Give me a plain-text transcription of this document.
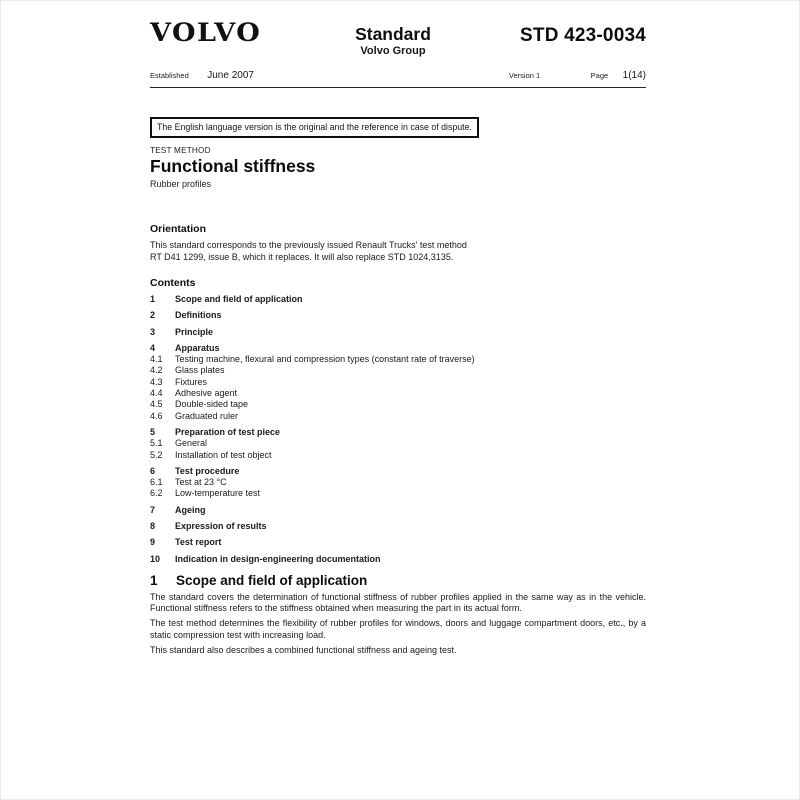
VOLVO	Standard
Volvo Group
STD 423-0034
Established June 2007	Version 1	Page 1(14)
The English language version is the original and the reference in case of dispute.
TEST METHOD
Functional stiffness
Rubber profiles
Orientation
This standard corresponds to the previously issued Renault Trucks' test method
RT D41 1299, issue B, which it replaces. It will also replace STD 1024,3135.
Contents
1	Scope and field of application
2	Definitions
3	Principle
4	Apparatus
4.1	Testing machine, flexural and compression types (constant rate of traverse)
4.2	Glass plates
4.3	Fixtures
4.4	Adhesive agent
4.5	Double-sided tape
4.6	Graduated ruler
5	Preparation of test piece
5.1	General
5.2	Installation of test object
6	Test procedure
6.1	Test at 23 °C
6.2	Low-temperature test
7	Ageing
8	Expression of results
9	Test report
10	Indication in design-engineering documentation
1	Scope and field of application

The standard covers the determination of functional stiffness of rubber profiles applied in the same way as in the vehicle. Functional stiffness refers to the stiffness obtained when measuring the part in its actual form.

The test method determines the flexibility of rubber profiles for windows, doors and luggage compartment doors, etc., by a static compression test with increasing load.

This standard also describes a combined functional stiffness and ageing test.
